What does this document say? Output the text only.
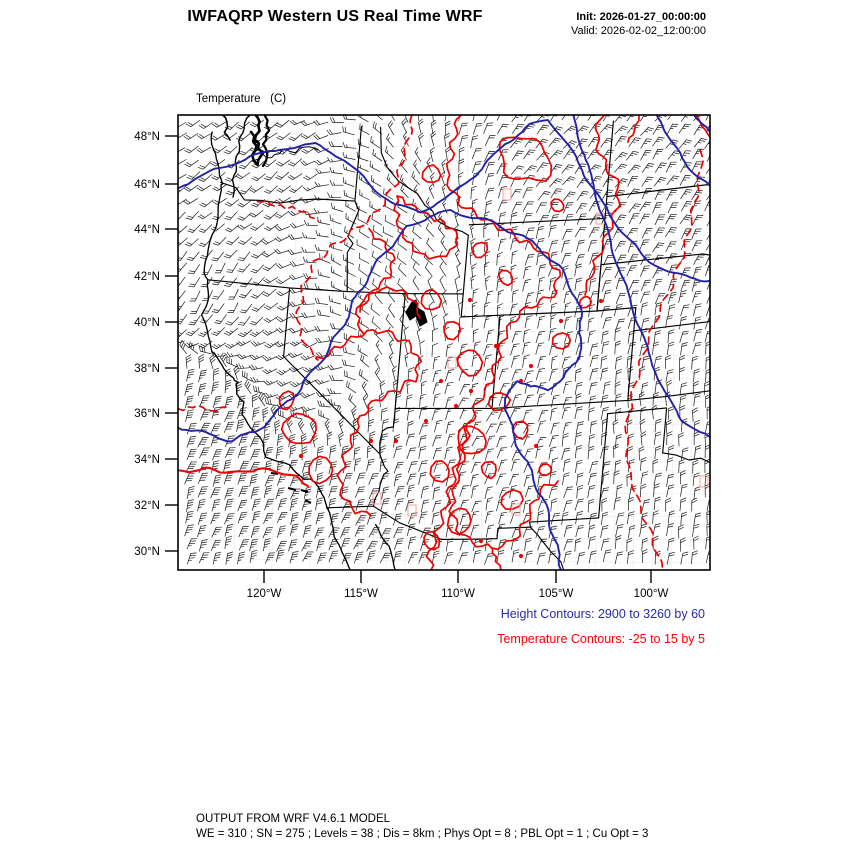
IWFAQRP Western US Real Time WRF	Init: 2026-01-27_00:00:00
Valid: 2026-02-02_12:00:00

Temperature   (C)

48°N
46°N
44°N
42°N
40°N
38°N
36°N
34°N
32°N
30°N
120°W	115°W	110°W	105°W	100°W
Height Contours: 2900 to 3260 by 60
Temperature Contours: -25 to 15 by 5
OUTPUT FROM WRF V4.6.1 MODEL
WE = 310 ; SN = 275 ; Levels = 38 ; Dis = 8km ; Phys Opt = 8 ; PBL Opt = 1 ; Cu Opt = 3
